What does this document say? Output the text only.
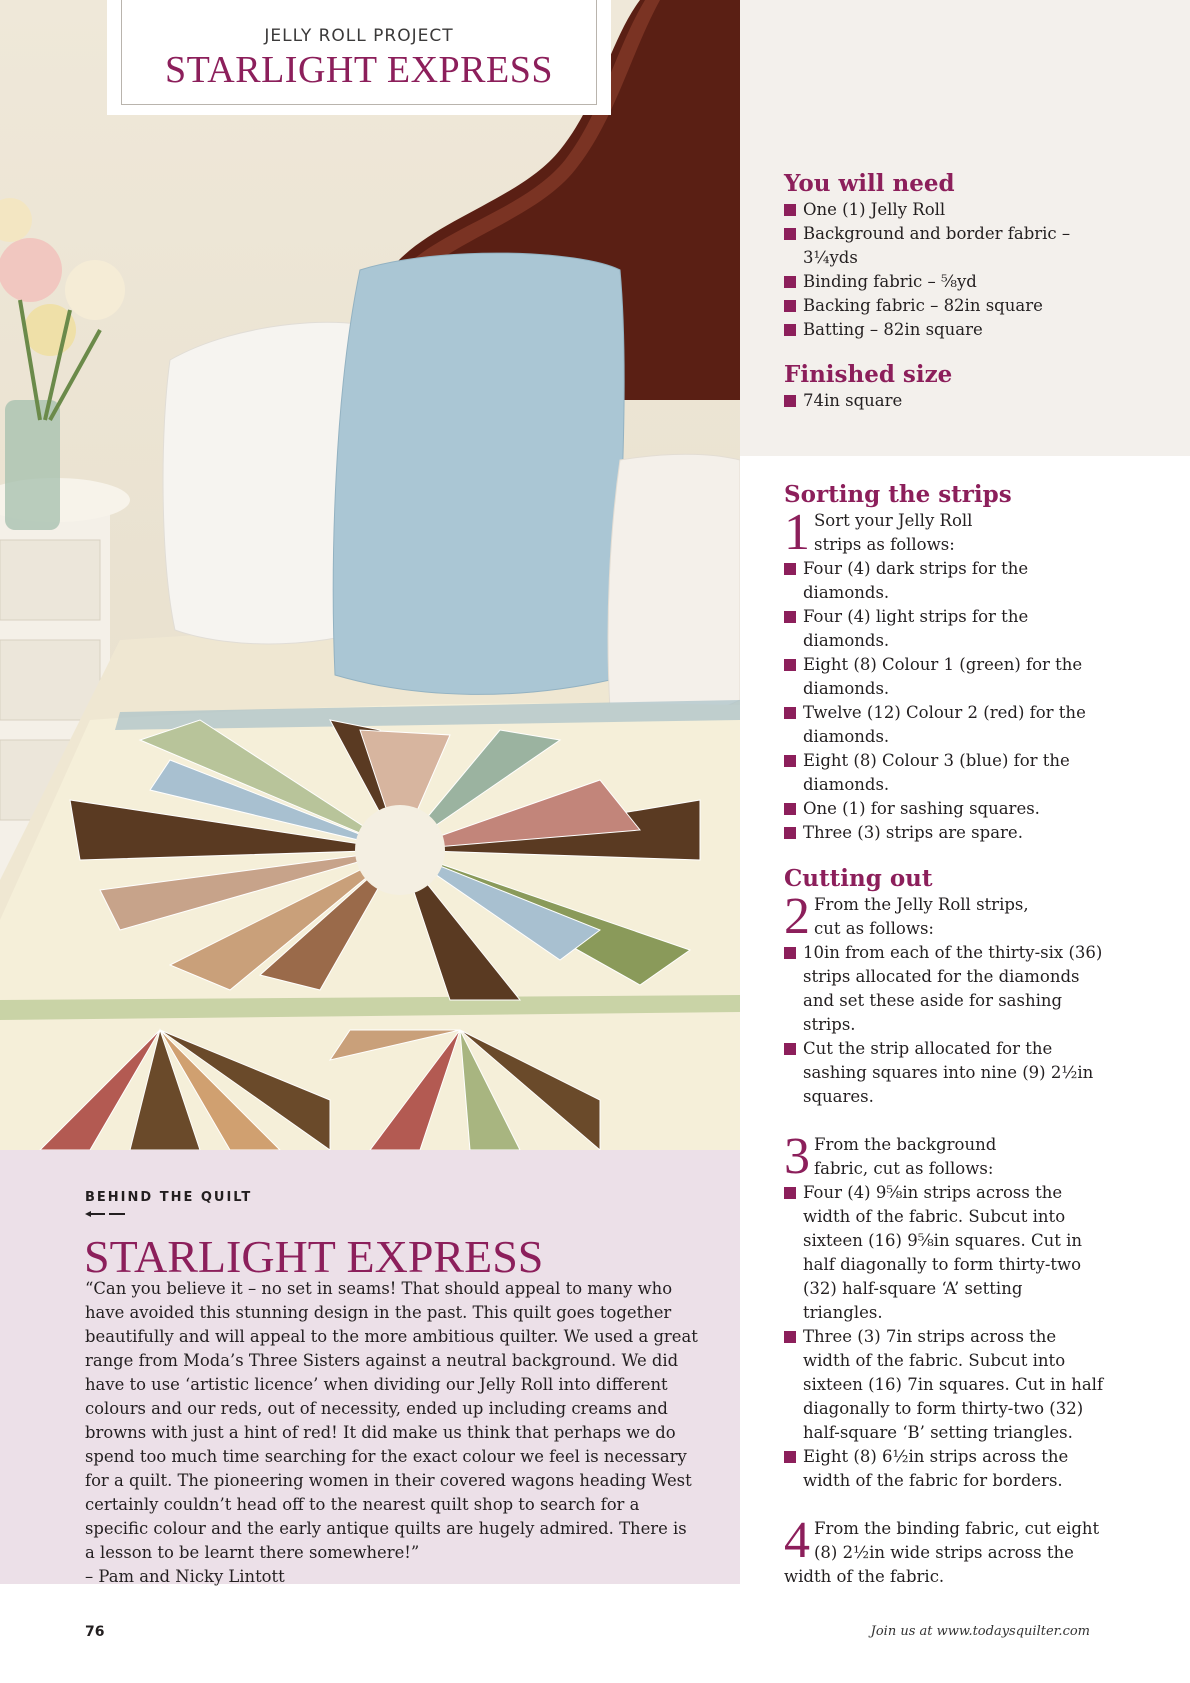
JELLY ROLL PROJECT
STARLIGHT EXPRESS
You will need
One (1) Jelly Roll
Background and border fabric – 3¼yds
Binding fabric – ⅝yd
Backing fabric – 82in square
Batting – 82in square
Finished size
74in square
Sorting the strips
1 Sort your Jelly Roll strips as follows:
Four (4) dark strips for the diamonds.
Four (4) light strips for the diamonds.
Eight (8) Colour 1 (green) for the diamonds.
Twelve (12) Colour 2 (red) for the diamonds.
Eight (8) Colour 3 (blue) for the diamonds.
One (1) for sashing squares.
Three (3) strips are spare.
Cutting out
2 From the Jelly Roll strips, cut as follows:
10in from each of the thirty-six (36) strips allocated for the diamonds and set these aside for sashing strips.
Cut the strip allocated for the sashing squares into nine (9) 2½in squares.
3 From the background fabric, cut as follows:
Four (4) 9⅝in strips across the width of the fabric. Subcut into sixteen (16) 9⅝in squares. Cut in half diagonally to form thirty-two (32) half-square ‘A’ setting triangles.
Three (3) 7in strips across the width of the fabric. Subcut into sixteen (16) 7in squares. Cut in half diagonally to form thirty-two (32) half-square ‘B’ setting triangles.
Eight (8) 6½in strips across the width of the fabric for borders.
4 From the binding fabric, cut eight (8) 2½in wide strips across the width of the fabric.
BEHIND THE QUILT
STARLIGHT EXPRESS
“Can you believe it – no set in seams! That should appeal to many who have avoided this stunning design in the past. This quilt goes together beautifully and will appeal to the more ambitious quilter. We used a great range from Moda’s Three Sisters against a neutral background. We did have to use ‘artistic licence’ when dividing our Jelly Roll into different colours and our reds, out of necessity, ended up including creams and browns with just a hint of red! It did make us think that perhaps we do spend too much time searching for the exact colour we feel is necessary for a quilt. The pioneering women in their covered wagons heading West certainly couldn’t head off to the nearest quilt shop to search for a specific colour and the early antique quilts are hugely admired. There is a lesson to be learnt there somewhere!”
– Pam and Nicky Lintott
76	Join us at www.todaysquilter.com
